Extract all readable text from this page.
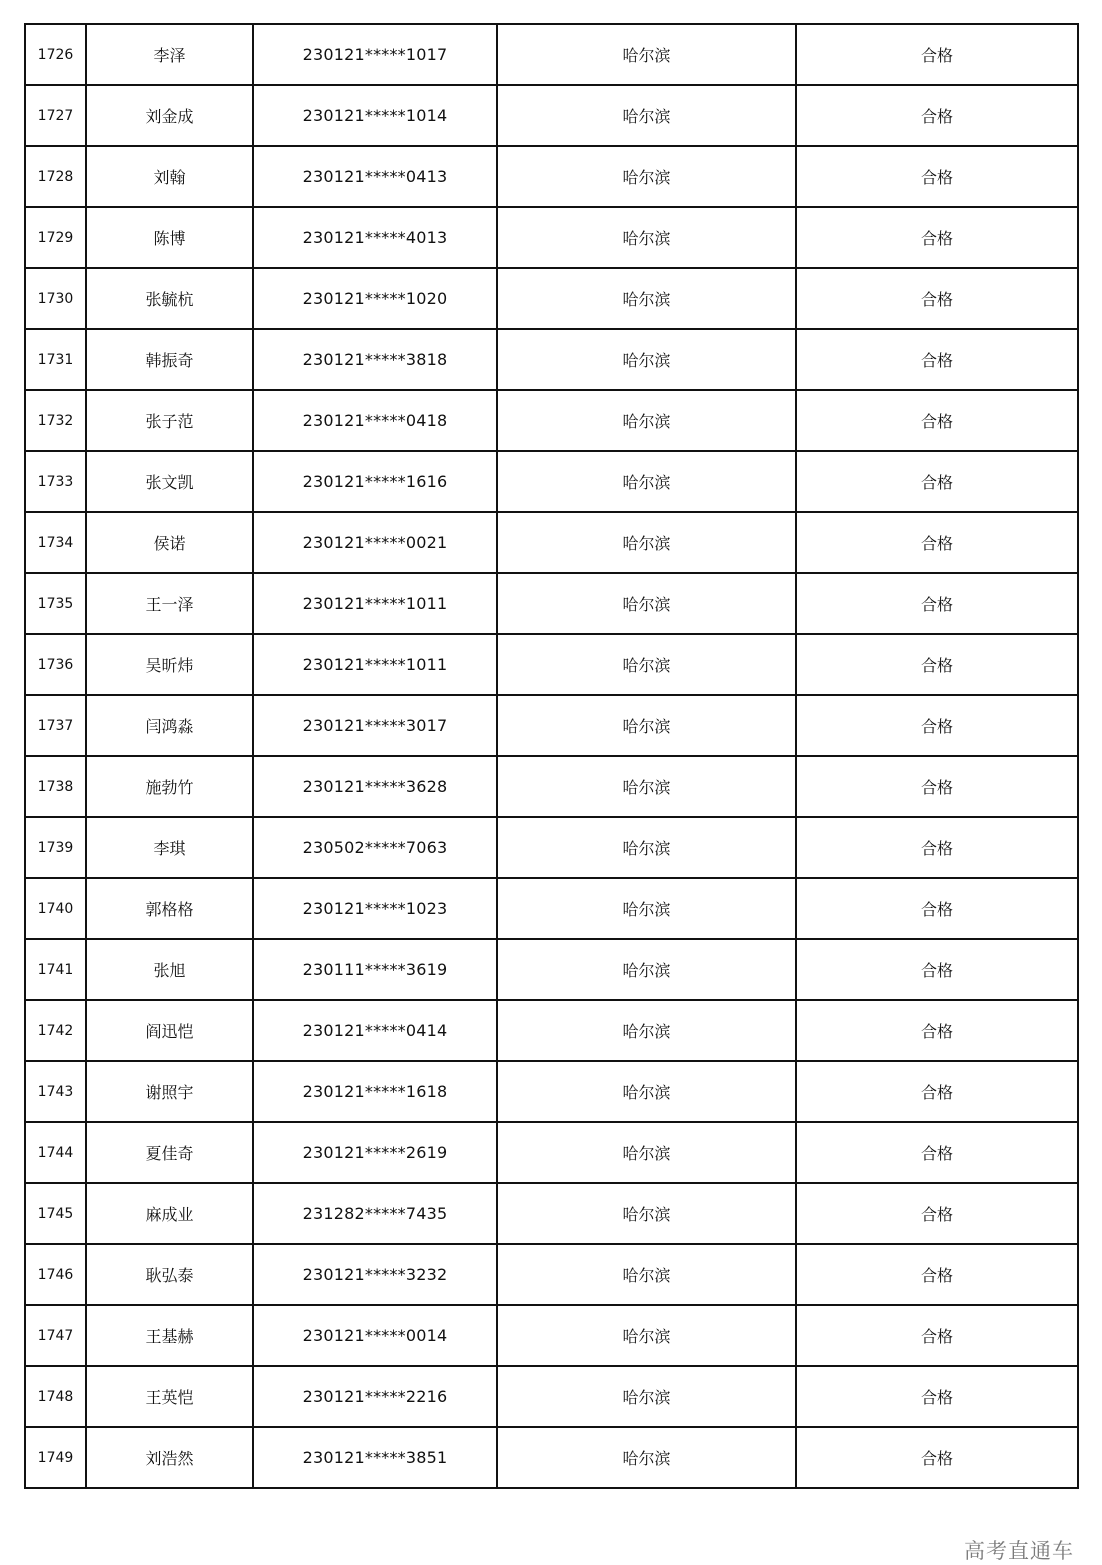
1726	李泽	230121*****1017	哈尔滨	合格
1727	刘金成	230121*****1014	哈尔滨	合格
1728	刘翰	230121*****0413	哈尔滨	合格
1729	陈博	230121*****4013	哈尔滨	合格
1730	张毓杭	230121*****1020	哈尔滨	合格
1731	韩振奇	230121*****3818	哈尔滨	合格
1732	张子范	230121*****0418	哈尔滨	合格
1733	张文凯	230121*****1616	哈尔滨	合格
1734	侯诺	230121*****0021	哈尔滨	合格
1735	王一泽	230121*****1011	哈尔滨	合格
1736	吴昕炜	230121*****1011	哈尔滨	合格
1737	闫鸿淼	230121*****3017	哈尔滨	合格
1738	施勃竹	230121*****3628	哈尔滨	合格
1739	李琪	230502*****7063	哈尔滨	合格
1740	郭格格	230121*****1023	哈尔滨	合格
1741	张旭	230111*****3619	哈尔滨	合格
1742	阎迅恺	230121*****0414	哈尔滨	合格
1743	谢照宇	230121*****1618	哈尔滨	合格
1744	夏佳奇	230121*****2619	哈尔滨	合格
1745	麻成业	231282*****7435	哈尔滨	合格
1746	耿弘泰	230121*****3232	哈尔滨	合格
1747	王基赫	230121*****0014	哈尔滨	合格
1748	王英恺	230121*****2216	哈尔滨	合格
1749	刘浩然	230121*****3851	哈尔滨	合格
高考直通车
